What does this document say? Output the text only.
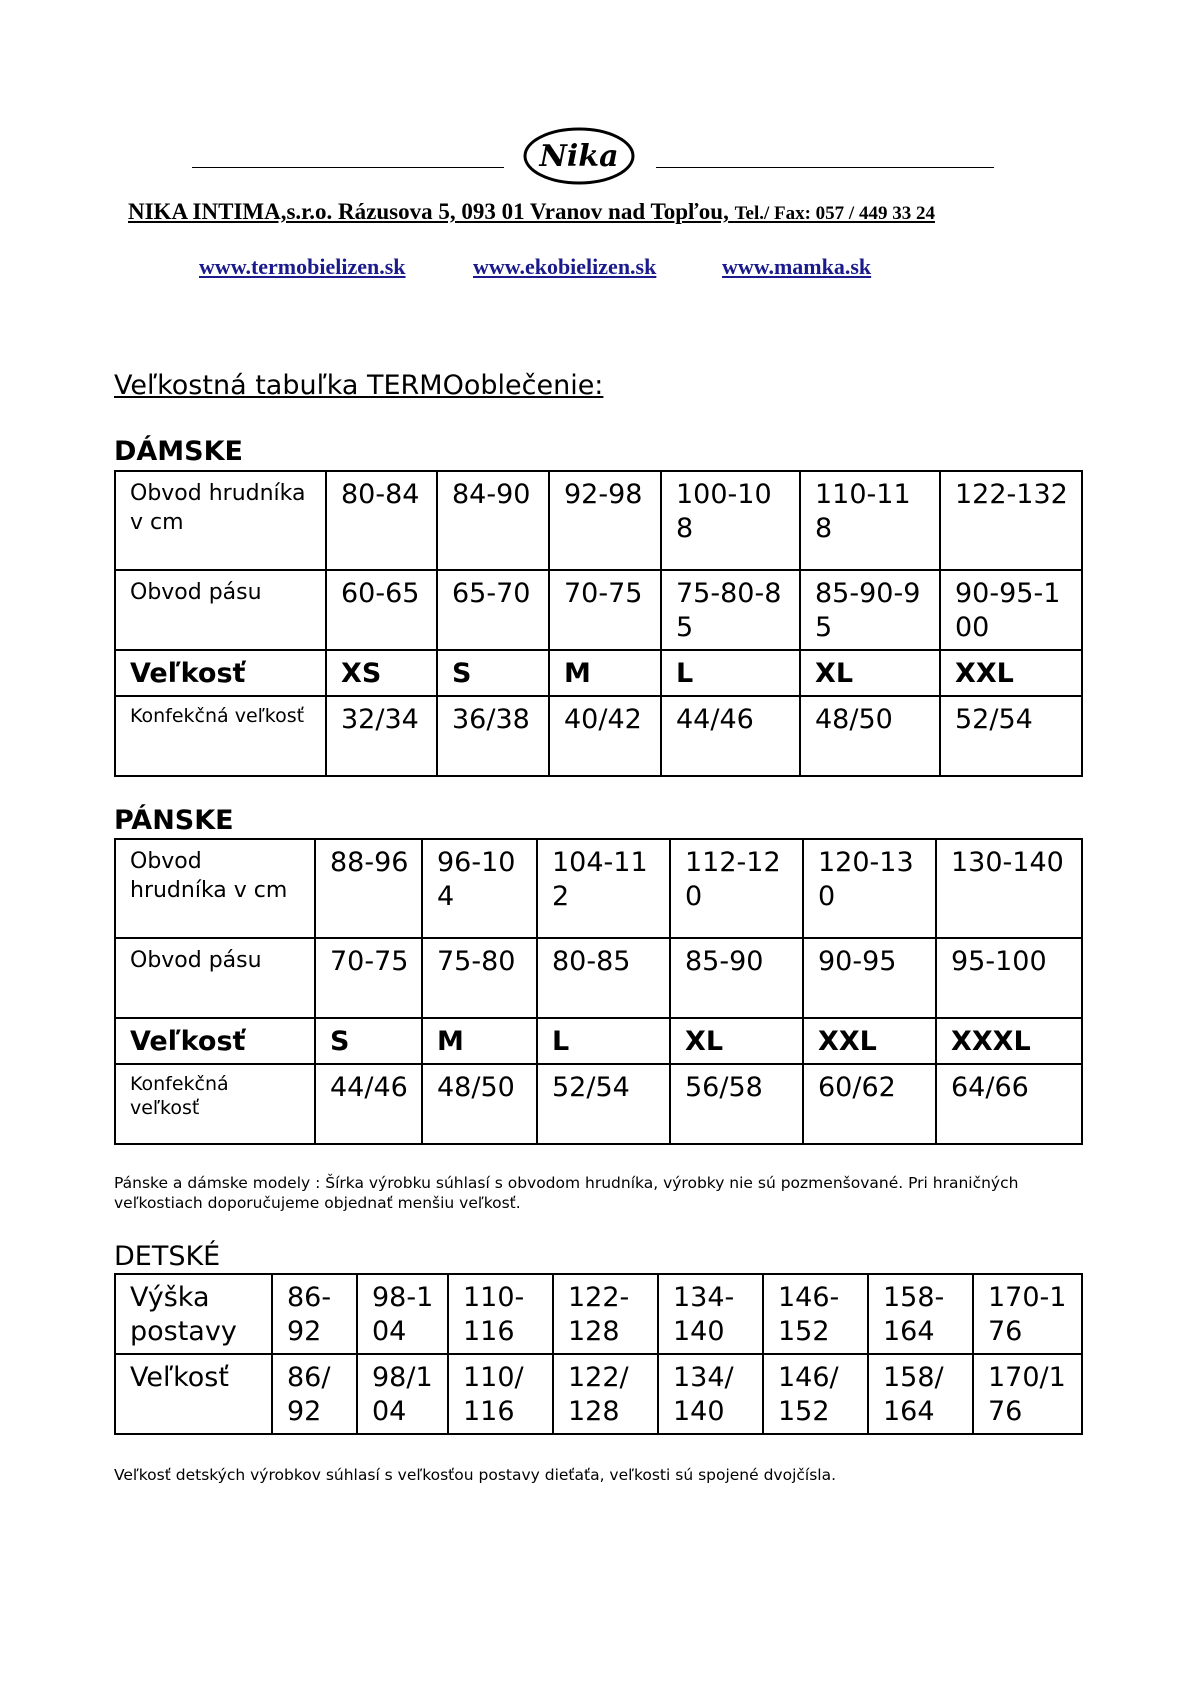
Nika
NIKA INTIMA,s.r.o. Rázusova 5, 093 01 Vranov nad Topľou, Tel./ Fax: 057 / 449 33 24
www.termobielizen.sk	www.ekobielizen.sk	www.mamka.sk
Veľkostná tabuľka TERMOoblečenie:
DÁMSKE
Obvod hrudníka v cm	80-84	84-90	92-98	100-108	110-118	122-132
Obvod pásu	60-65	65-70	70-75	75-80-85	85-90-95	90-95-100
Veľkosť	XS	S	M	L	XL	XXL
Konfekčná veľkosť	32/34	36/38	40/42	44/46	48/50	52/54
PÁNSKE
Obvod hrudníka v cm	88-96	96-104	104-112	112-120	120-130	130-140
Obvod pásu	70-75	75-80	80-85	85-90	90-95	95-100
Veľkosť	S	M	L	XL	XXL	XXXL
Konfekčná veľkosť	44/46	48/50	52/54	56/58	60/62	64/66
Pánske a dámske modely : Šírka výrobku súhlasí s obvodom hrudníka, výrobky nie sú pozmenšované. Pri hraničných veľkostiach doporučujeme objednať menšiu veľkosť.
DETSKÉ
Výška postavy	86-92	98-104	110-116	122-128	134-140	146-152	158-164	170-176
Veľkosť	86/92	98/104	110/116	122/128	134/140	146/152	158/164	170/176
Veľkosť detských výrobkov súhlasí s veľkosťou postavy dieťaťa, veľkosti sú spojené dvojčísla.
